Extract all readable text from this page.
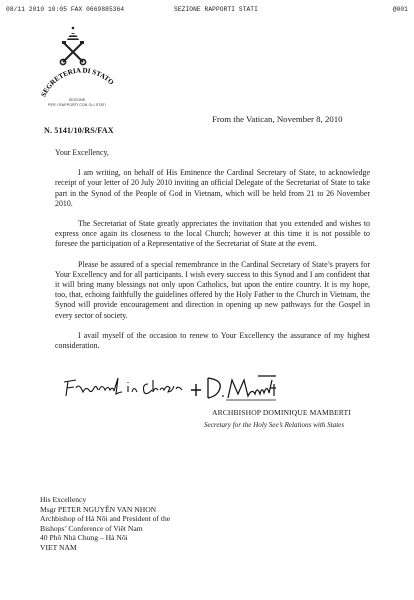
08/11 2010 10:05 FAX 0669885364	SEZIONE RAPPORTI STATI	@001
SEGRETERIA DI STATO
SEZIONE
PER I RAPPORTI CON GLI STATI
N. 5141/10/RS/FAX
From the Vatican, November 8, 2010

Your Excellency,

I am writing, on behalf of His Eminence the Cardinal Secretary of State, to acknowledge receipt of your letter of 20 July 2010 inviting an official Delegate of the Secretariat of State to take part in the Synod of the People of God in Vietnam, which will be held from 21 to 26 November 2010.

The Secretariat of State greatly appreciates the invitation that you extended and wishes to express once again its closeness to the local Church; however at this time it is not possible to foresee the participation of a Representative of the Secretariat of State at the event.

Please be assured of a special remembrance in the Cardinal Secretary of State’s prayers for Your Excellency and for all participants. I wish every success to this Synod and I am confident that it will bring many blessings not only upon Catholics, but upon the entire country. It is my hope, too, that, echoing faithfully the guidelines offered by the Holy Father to the Church in Vietnam, the Synod will provide encouragement and direction in opening up new pathways for the Gospel in every sector of society.

I avail myself of the occasion to renew to Your Excellency the assurance of my highest consideration.

ARCHBISHOP DOMINIQUE MAMBERTI
Secretary for the Holy See’s Relations with States
His Excellency
Msgr PETER NGUYÊN VAN NHON
Archbishop of Hà Nôi and President of the
Bishops’ Conference of Viêt Nam
40 Phô Nhà Chung – Hà Nôi
VIET NAM
